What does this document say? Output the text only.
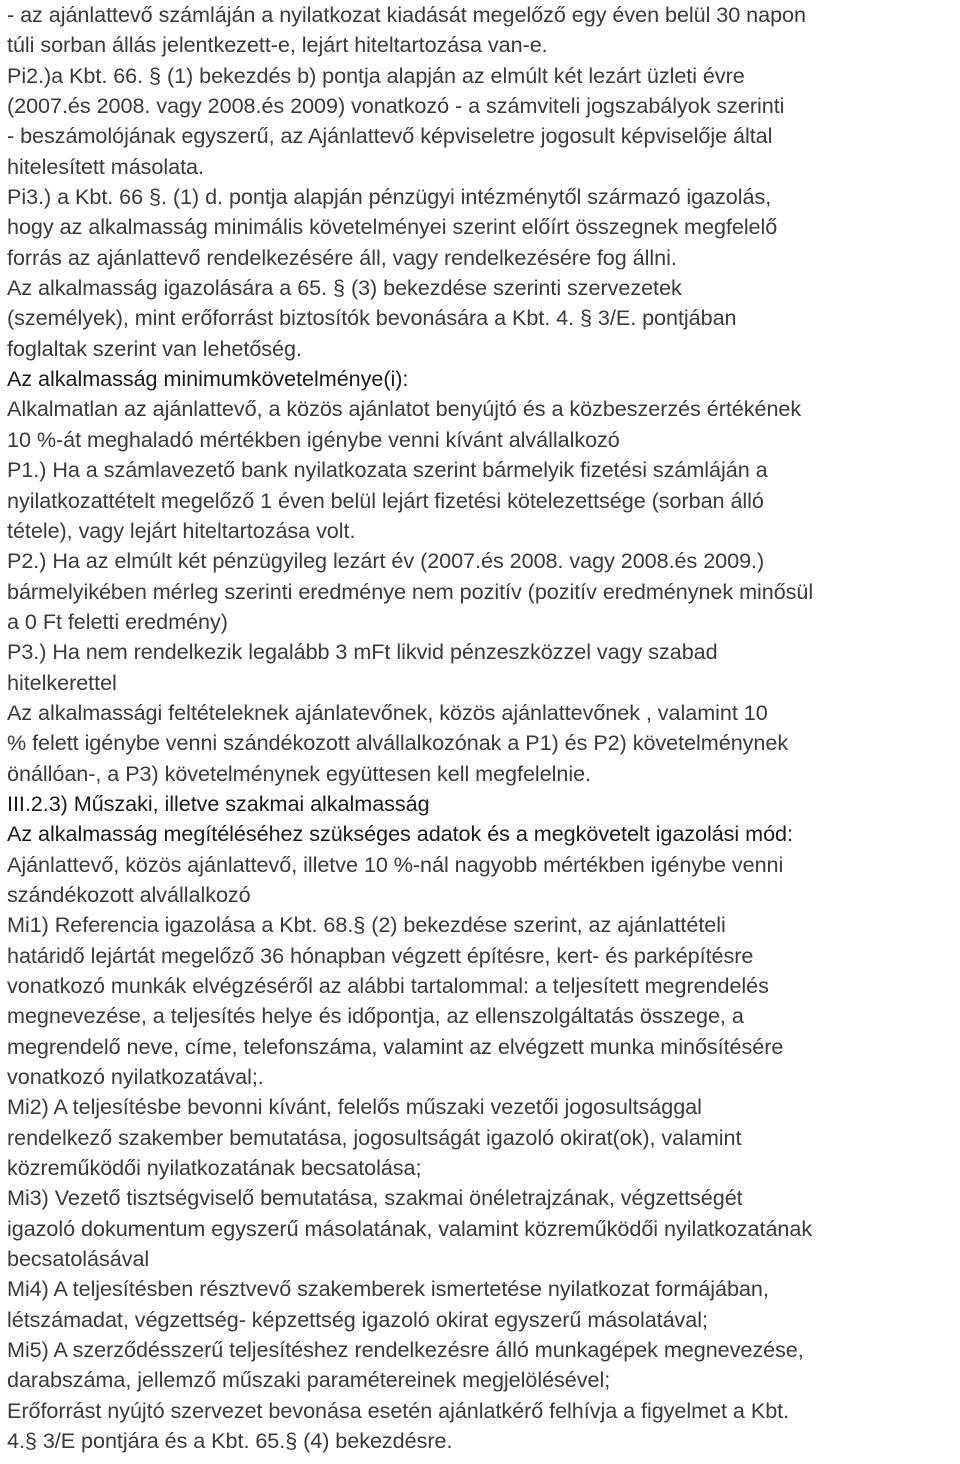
- az ajánlattevő számláján a nyilatkozat kiadását megelőző egy éven belül 30 napon
túli sorban állás jelentkezett-e, lejárt hiteltartozása van-e.
Pi2.)a Kbt. 66. § (1) bekezdés b) pontja alapján az elmúlt két lezárt üzleti évre
(2007.és 2008. vagy 2008.és 2009) vonatkozó - a számviteli jogszabályok szerinti
- beszámolójának egyszerű, az Ajánlattevő képviseletre jogosult képviselője által
hitelesített másolata.
Pi3.) a Kbt. 66 §. (1) d. pontja alapján pénzügyi intézménytől származó igazolás,
hogy az alkalmasság minimális követelményei szerint előírt összegnek megfelelő
forrás az ajánlattevő rendelkezésére áll, vagy rendelkezésére fog állni.
Az alkalmasság igazolására a 65. § (3) bekezdése szerinti szervezetek
(személyek), mint erőforrást biztosítók bevonására a Kbt. 4. § 3/E. pontjában
foglaltak szerint van lehetőség.
Az alkalmasság minimumkövetelménye(i):
Alkalmatlan az ajánlattevő, a közös ajánlatot benyújtó és a közbeszerzés értékének
10 %-át meghaladó mértékben igénybe venni kívánt alvállalkozó
P1.) Ha a számlavezető bank nyilatkozata szerint bármelyik fizetési számláján a
nyilatkozattételt megelőző 1 éven belül lejárt fizetési kötelezettsége (sorban álló
tétele), vagy lejárt hiteltartozása volt.
P2.) Ha az elmúlt két pénzügyileg lezárt év (2007.és 2008. vagy 2008.és 2009.)
bármelyikében mérleg szerinti eredménye nem pozitív (pozitív eredménynek minősül
a 0 Ft feletti eredmény)
P3.) Ha nem rendelkezik legalább 3 mFt likvid pénzeszközzel vagy szabad
hitelkerettel
Az alkalmassági feltételeknek ajánlatevőnek, közös ajánlattevőnek , valamint 10
% felett igénybe venni szándékozott alvállalkozónak a P1) és P2) követelménynek
önállóan-, a P3) követelménynek együttesen kell megfelelnie.
III.2.3) Műszaki, illetve szakmai alkalmasság
Az alkalmasság megítéléséhez szükséges adatok és a megkövetelt igazolási mód:
Ajánlattevő, közös ajánlattevő, illetve 10 %-nál nagyobb mértékben igénybe venni
szándékozott alvállalkozó
Mi1) Referencia igazolása a Kbt. 68.§ (2) bekezdése szerint, az ajánlattételi
határidő lejártát megelőző 36 hónapban végzett építésre, kert- és parképítésre
vonatkozó munkák elvégzéséről az alábbi tartalommal: a teljesített megrendelés
megnevezése, a teljesítés helye és időpontja, az ellenszolgáltatás összege, a
megrendelő neve, címe, telefonszáma, valamint az elvégzett munka minősítésére
vonatkozó nyilatkozatával;.
Mi2) A teljesítésbe bevonni kívánt, felelős műszaki vezetői jogosultsággal
rendelkező szakember bemutatása, jogosultságát igazoló okirat(ok), valamint
közreműködői nyilatkozatának becsatolása;
Mi3) Vezető tisztségviselő bemutatása, szakmai önéletrajzának, végzettségét
igazoló dokumentum egyszerű másolatának, valamint közreműködői nyilatkozatának
becsatolásával
Mi4) A teljesítésben résztvevő szakemberek ismertetése nyilatkozat formájában,
létszámadat, végzettség- képzettség igazoló okirat egyszerű másolatával;
Mi5) A szerződésszerű teljesítéshez rendelkezésre álló munkagépek megnevezése,
darabszáma, jellemző műszaki paramétereinek megjelölésével;
Erőforrást nyújtó szervezet bevonása esetén ajánlatkérő felhívja a figyelmet a Kbt.
4.§ 3/E pontjára és a Kbt. 65.§ (4) bekezdésre.
